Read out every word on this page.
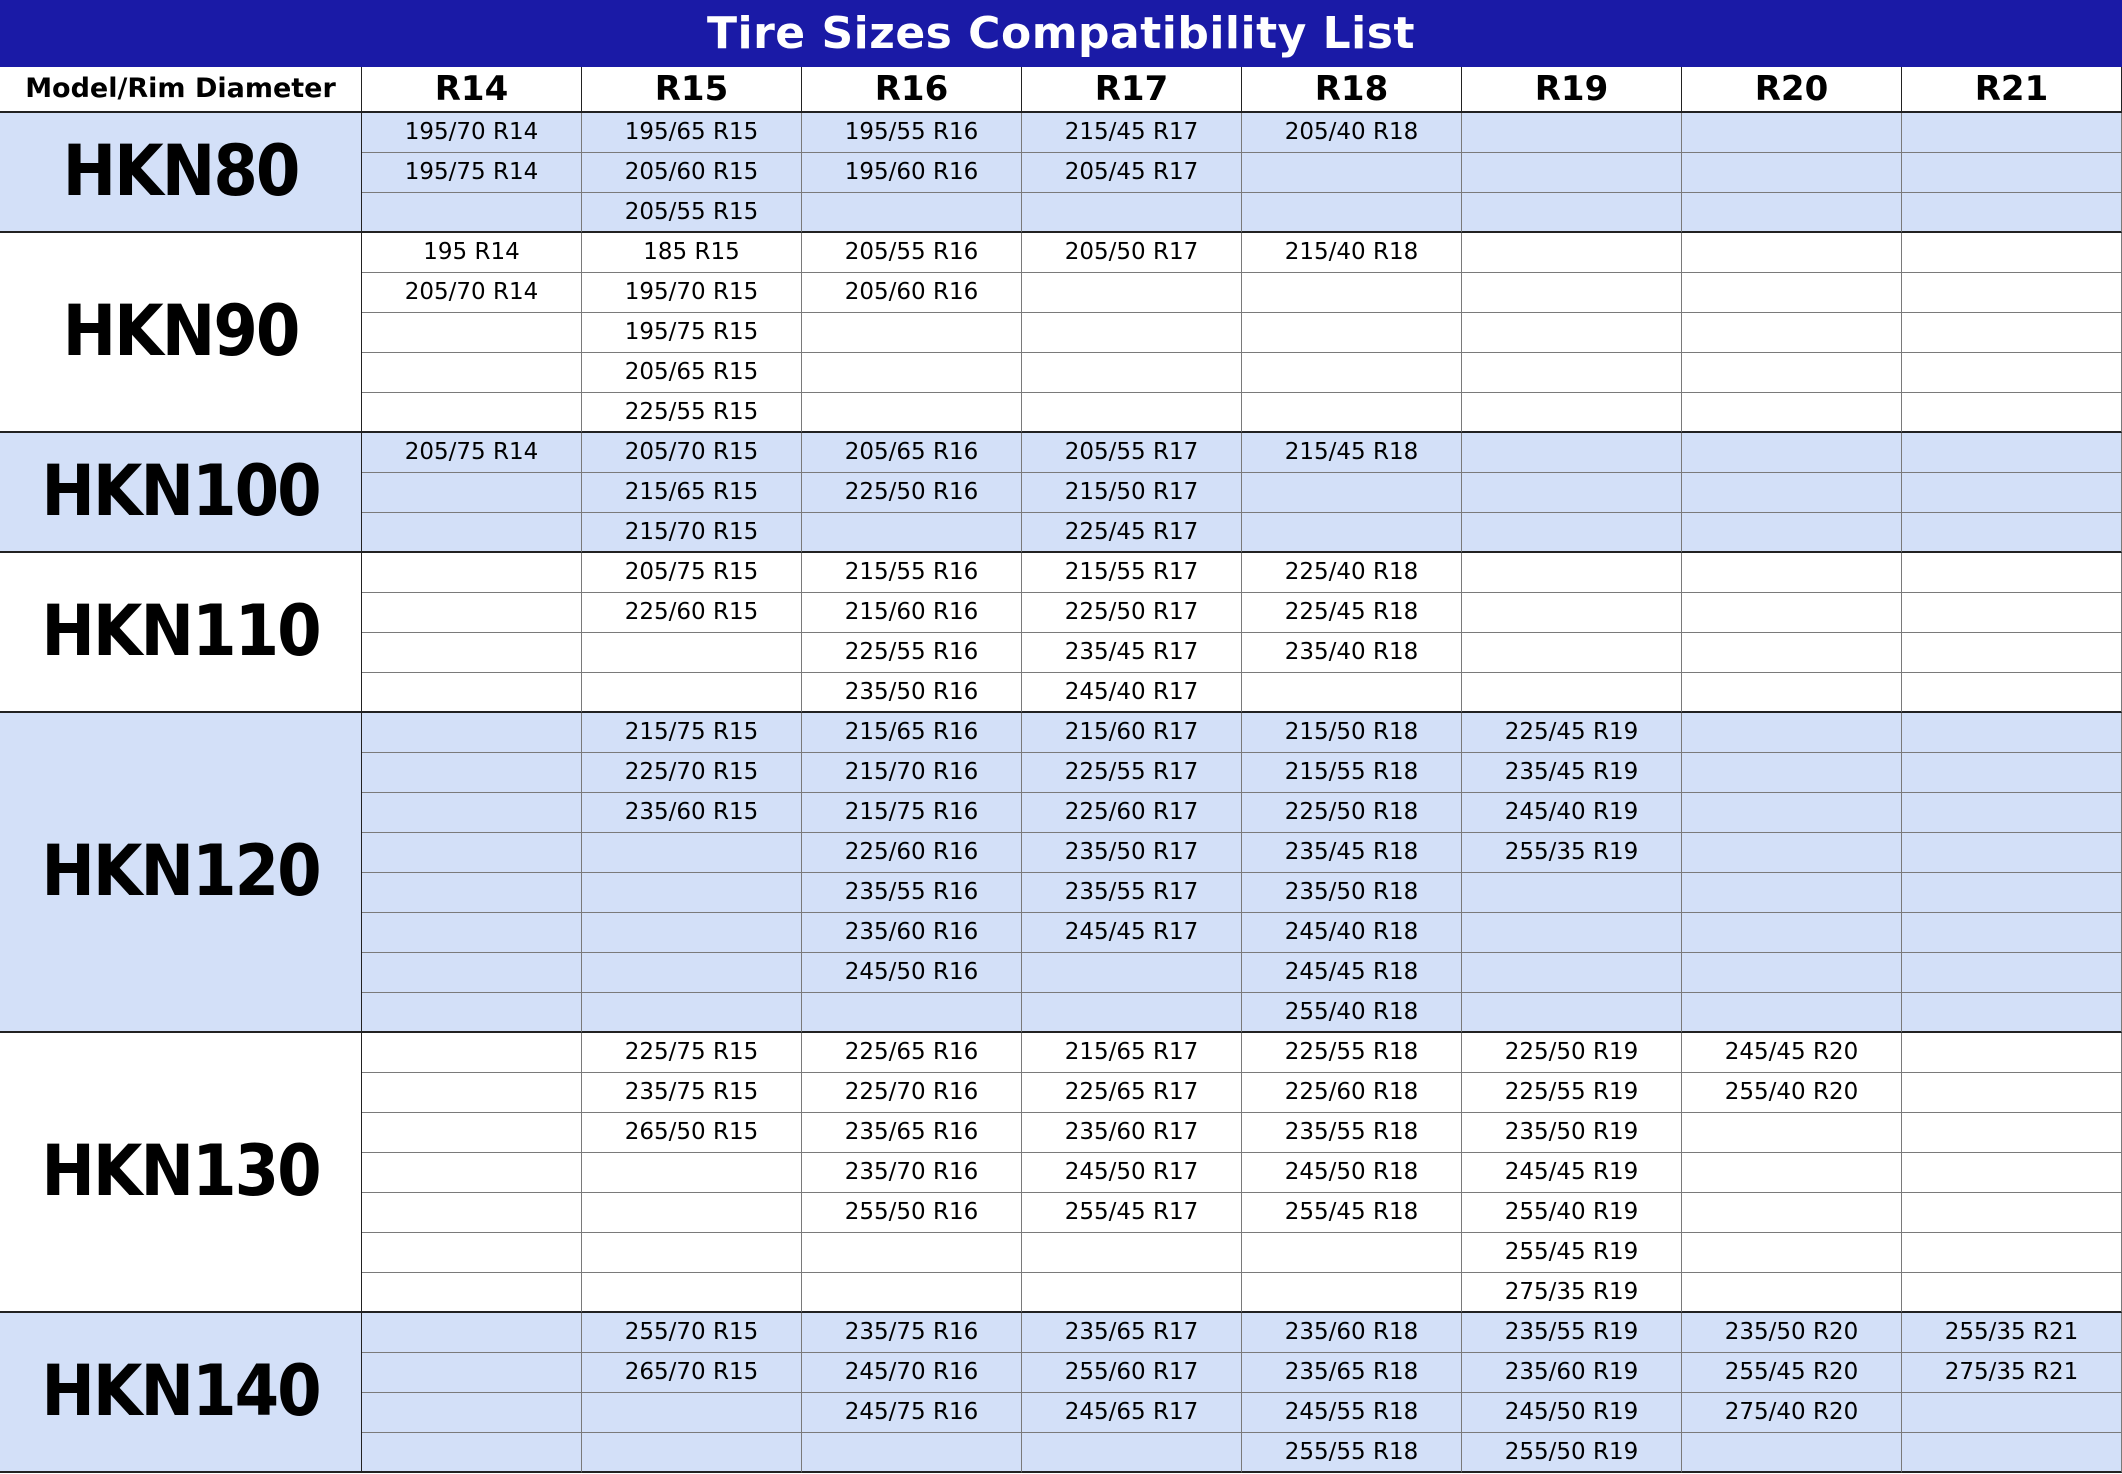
Tire Sizes Compatibility List
Model/Rim Diameter	R14	R15	R16	R17	R18	R19	R20	R21
HKN80	195/70 R14	195/65 R15	195/55 R16	215/45 R17	205/40 R18
195/75 R14	205/60 R15	195/60 R16	205/45 R17
205/55 R15
HKN90
195 R14	185 R15	205/55 R16	205/50 R17	215/40 R18
205/70 R14	195/70 R15	205/60 R16
195/75 R15
205/65 R15
225/55 R15
HKN100	205/75 R14	205/70 R15	205/65 R16	205/55 R17	215/45 R18
215/65 R15	225/50 R16	215/50 R17
215/70 R15	225/45 R17
HKN110
205/75 R15	215/55 R16	215/55 R17	225/40 R18
225/60 R15	215/60 R16	225/50 R17	225/45 R18
225/55 R16	235/45 R17	235/40 R18
235/50 R16	245/40 R17
HKN120
215/75 R15	215/65 R16	215/60 R17	215/50 R18	225/45 R19
225/70 R15	215/70 R16	225/55 R17	215/55 R18	235/45 R19
235/60 R15	215/75 R16	225/60 R17	225/50 R18	245/40 R19
225/60 R16	235/50 R17	235/45 R18	255/35 R19
235/55 R16	235/55 R17	235/50 R18
235/60 R16	245/45 R17	245/40 R18
245/50 R16	245/45 R18
255/40 R18
HKN130
225/75 R15	225/65 R16	215/65 R17	225/55 R18	225/50 R19	245/45 R20
235/75 R15	225/70 R16	225/65 R17	225/60 R18	225/55 R19	255/40 R20
265/50 R15	235/65 R16	235/60 R17	235/55 R18	235/50 R19
235/70 R16	245/50 R17	245/50 R18	245/45 R19
255/50 R16	255/45 R17	255/45 R18	255/40 R19
255/45 R19
275/35 R19
HKN140
255/70 R15	235/75 R16	235/65 R17	235/60 R18	235/55 R19	235/50 R20	255/35 R21
265/70 R15	245/70 R16	255/60 R17	235/65 R18	235/60 R19	255/45 R20	275/35 R21
245/75 R16	245/65 R17	245/55 R18	245/50 R19	275/40 R20
255/55 R18	255/50 R19
